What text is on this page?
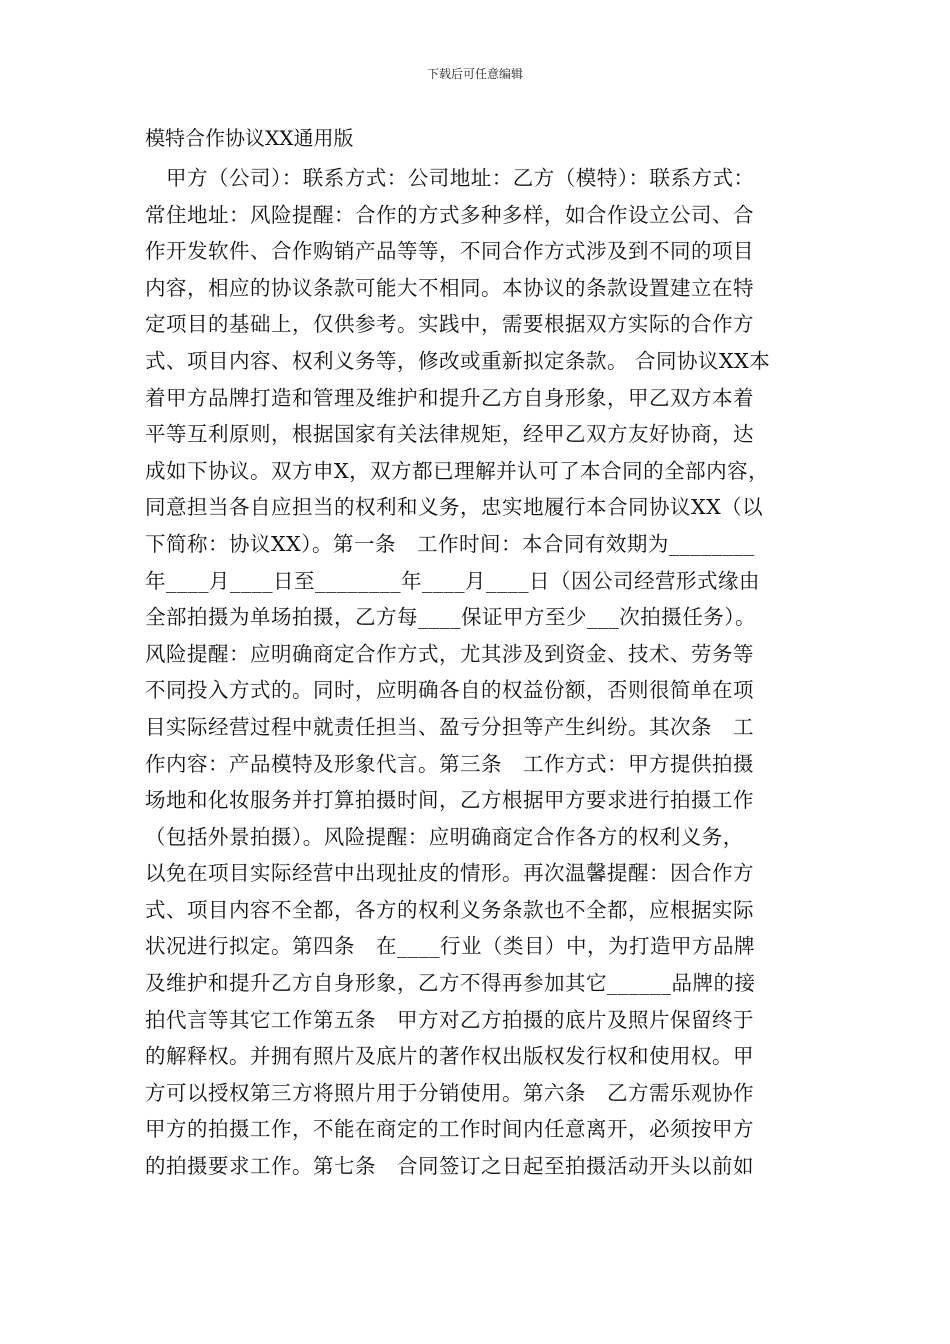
下载后可任意编辑
模特合作协议XX通用版
　甲方（公司）：联系方式：公司地址：乙方（模特）：联系方式：
常住地址：风险提醒：合作的方式多种多样，如合作设立公司、合
作开发软件、合作购销产品等等，不同合作方式涉及到不同的项目
内容，相应的协议条款可能大不相同。本协议的条款设置建立在特
定项目的基础上，仅供参考。实践中，需要根据双方实际的合作方
式、项目内容、权利义务等，修改或重新拟定条款。 合同协议XX本
着甲方品牌打造和管理及维护和提升乙方自身形象，甲乙双方本着
平等互利原则，根据国家有关法律规矩，经甲乙双方友好协商，达
成如下协议。双方申X，双方都已理解并认可了本合同的全部内容，
同意担当各自应担当的权利和义务，忠实地履行本合同协议XX（以
下简称：协议XX）。第一条　工作时间：本合同有效期为________
年____月____日至________年____月____日（因公司经营形式缘由
全部拍摄为单场拍摄，乙方每____保证甲方至少___次拍摄任务）。
风险提醒：应明确商定合作方式，尤其涉及到资金、技术、劳务等
不同投入方式的。同时，应明确各自的权益份额，否则很简单在项
目实际经营过程中就责任担当、盈亏分担等产生纠纷。其次条　工
作内容：产品模特及形象代言。第三条　工作方式：甲方提供拍摄
场地和化妆服务并打算拍摄时间，乙方根据甲方要求进行拍摄工作
（包括外景拍摄）。风险提醒：应明确商定合作各方的权利义务，
以免在项目实际经营中出现扯皮的情形。再次温馨提醒：因合作方
式、项目内容不全都，各方的权利义务条款也不全都，应根据实际
状况进行拟定。第四条　在____行业（类目）中，为打造甲方品牌
及维护和提升乙方自身形象，乙方不得再参加其它______品牌的接
拍代言等其它工作第五条　甲方对乙方拍摄的底片及照片保留终于
的解释权。并拥有照片及底片的著作权出版权发行权和使用权。甲
方可以授权第三方将照片用于分销使用。第六条　乙方需乐观协作
甲方的拍摄工作，不能在商定的工作时间内任意离开，必须按甲方
的拍摄要求工作。第七条　合同签订之日起至拍摄活动开头以前如
